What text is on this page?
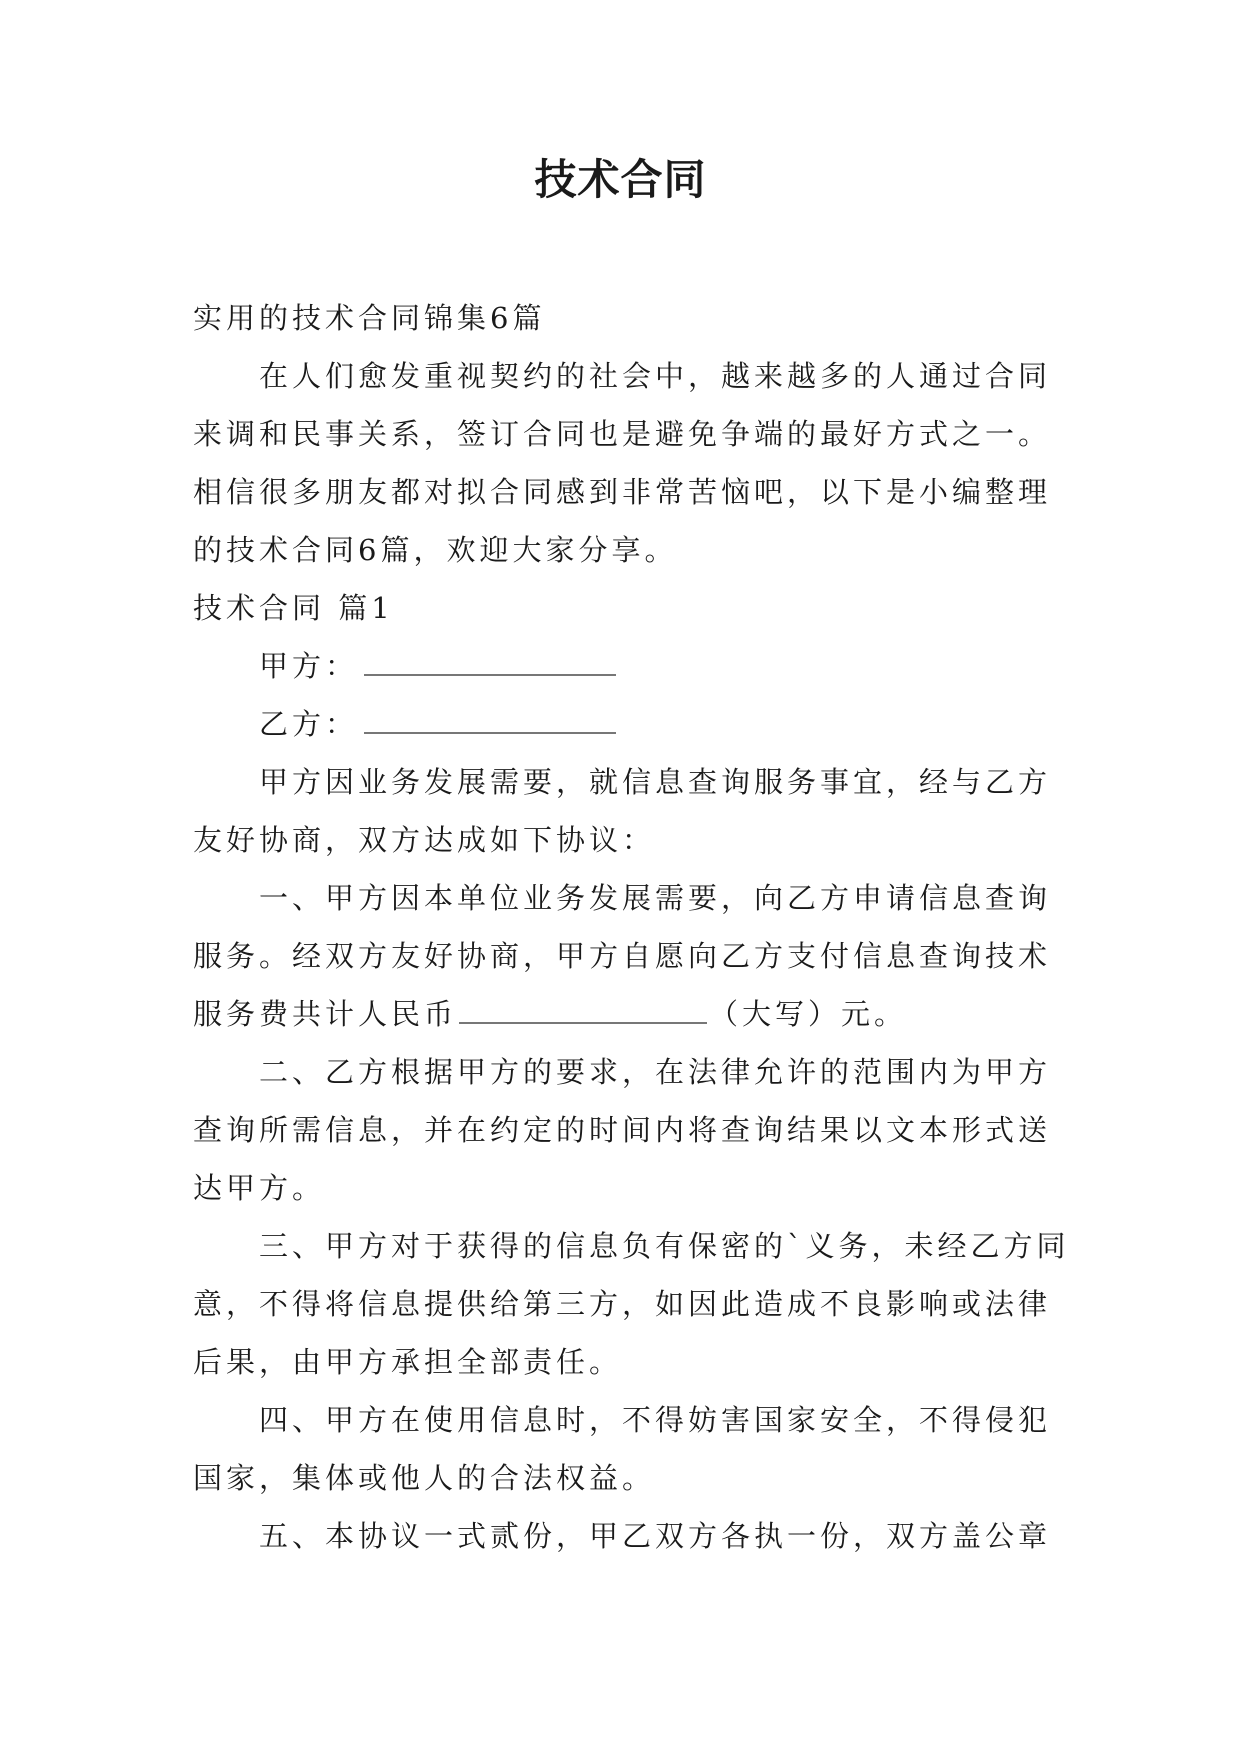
技术合同

实用的技术合同锦集6篇

在人们愈发重视契约的社会中，越来越多的人通过合同来调和民事关系，签订合同也是避免争端的最好方式之一。相信很多朋友都对拟合同感到非常苦恼吧，以下是小编整理的技术合同6篇，欢迎大家分享。

技术合同 篇1

甲方：

乙方：

甲方因业务发展需要，就信息查询服务事宜，经与乙方友好协商，双方达成如下协议：

一、甲方因本单位业务发展需要，向乙方申请信息查询服务。经双方友好协商，甲方自愿向乙方支付信息查询技术服务费共计人民币	（大写）元。

二、乙方根据甲方的要求，在法律允许的范围内为甲方查询所需信息，并在约定的时间内将查询结果以文本形式送达甲方。

三、甲方对于获得的信息负有保密的`义务，未经乙方同意，不得将信息提供给第三方，如因此造成不良影响或法律后果，由甲方承担全部责任。

四、甲方在使用信息时，不得妨害国家安全，不得侵犯国家，集体或他人的合法权益。

五、本协议一式贰份，甲乙双方各执一份，双方盖公章
